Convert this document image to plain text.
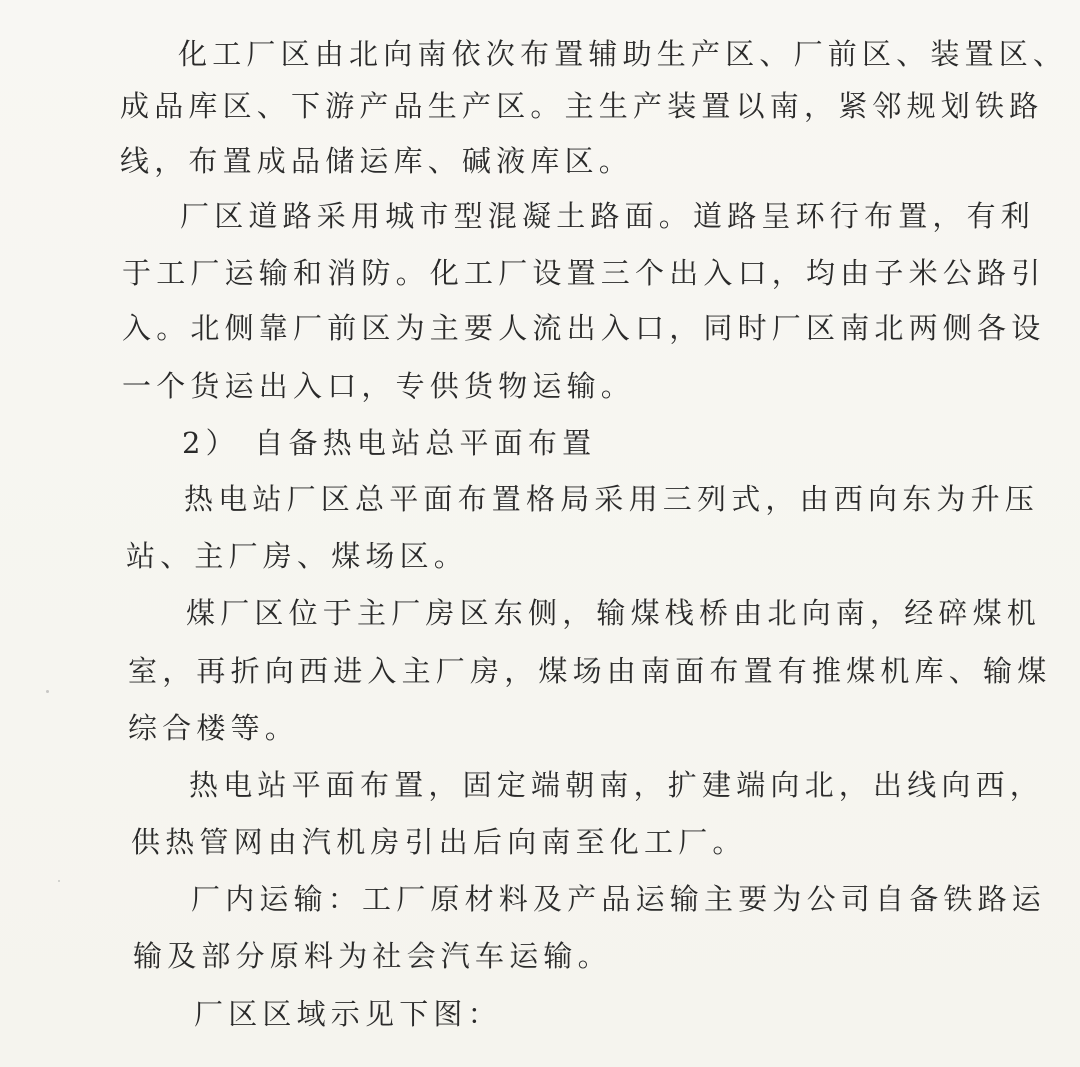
化工厂区由北向南依次布置辅助生产区、厂前区、装置区、

成品库区、下游产品生产区。主生产装置以南，紧邻规划铁路

线，布置成品储运库、碱液库区。

厂区道路采用城市型混凝土路面。道路呈环行布置，有利

于工厂运输和消防。化工厂设置三个出入口，均由子米公路引

入。北侧靠厂前区为主要人流出入口，同时厂区南北两侧各设

一个货运出入口，专供货物运输。

2） 自备热电站总平面布置

热电站厂区总平面布置格局采用三列式，由西向东为升压

站、主厂房、煤场区。

煤厂区位于主厂房区东侧，输煤栈桥由北向南，经碎煤机

室，再折向西进入主厂房，煤场由南面布置有推煤机库、输煤

综合楼等。

热电站平面布置，固定端朝南，扩建端向北，出线向西，

供热管网由汽机房引出后向南至化工厂。

厂内运输：工厂原材料及产品运输主要为公司自备铁路运

输及部分原料为社会汽车运输。

厂区区域示见下图：
